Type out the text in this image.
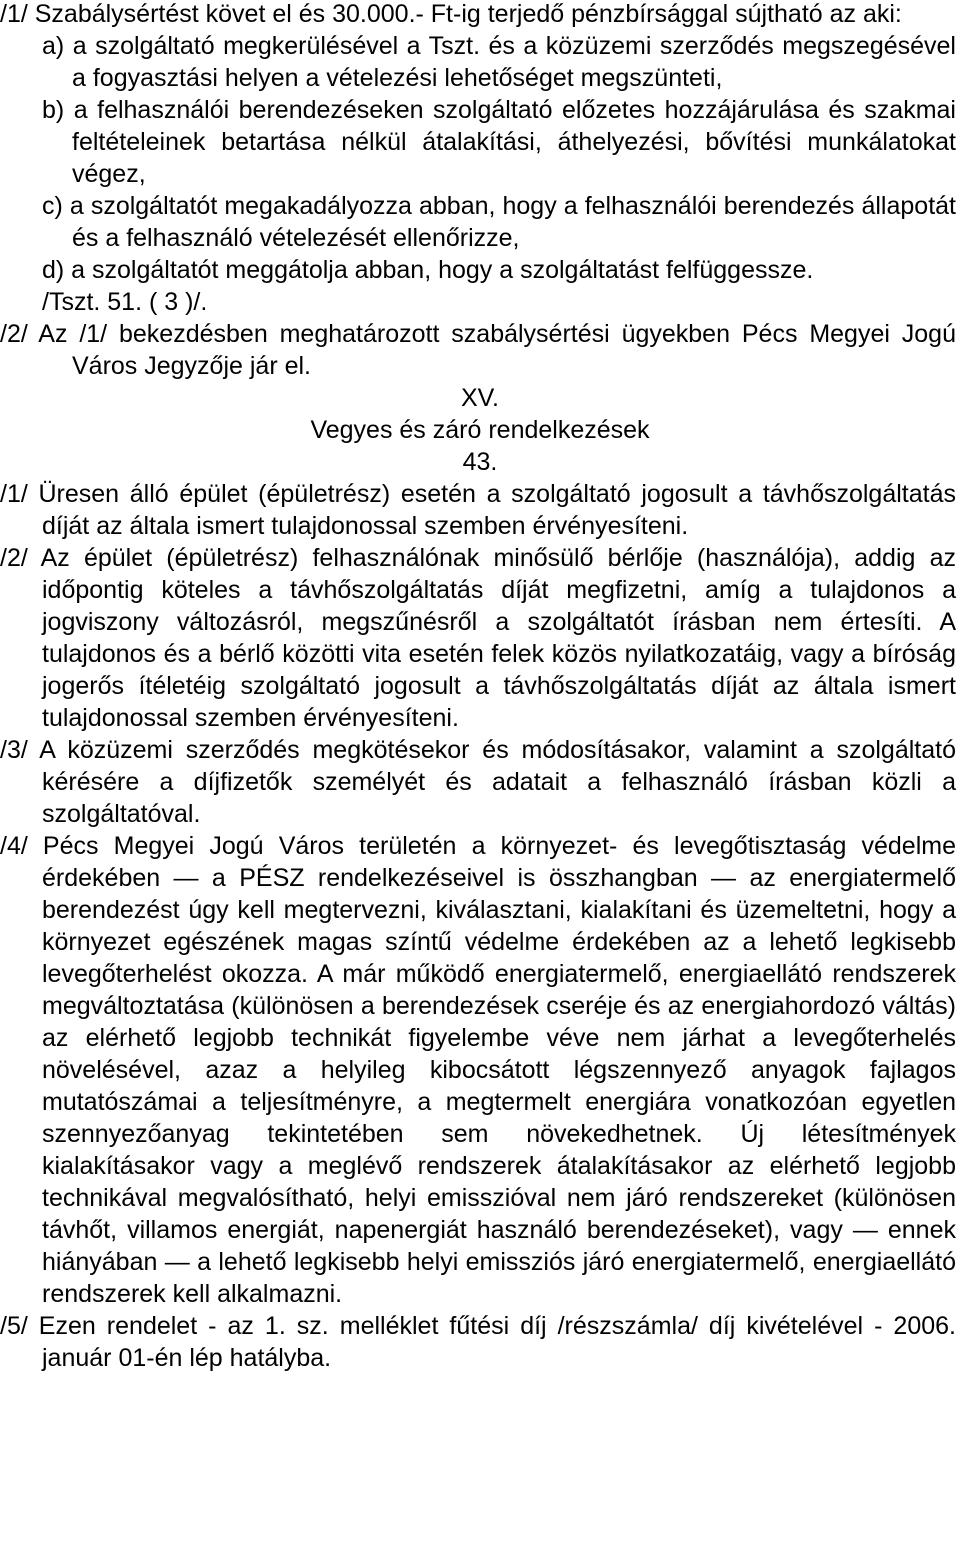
/1/ Szabálysértést követ el és 30.000.- Ft-ig terjedő pénzbírsággal sújtható az aki:

a) a szolgáltató megkerülésével a Tszt. és a közüzemi szerződés megszegésével a fogyasztási helyen a vételezési lehetőséget megszünteti,

b) a felhasználói berendezéseken szolgáltató előzetes hozzájárulása és szakmai feltételeinek betartása nélkül átalakítási, áthelyezési, bővítési munkálatokat végez,

c) a szolgáltatót megakadályozza abban, hogy a felhasználói berendezés állapotát és a felhasználó vételezését ellenőrizze,

d) a szolgáltatót meggátolja abban, hogy a szolgáltatást felfüggessze.

/Tszt. 51. ( 3 )/.

/2/ Az /1/ bekezdésben meghatározott szabálysértési ügyekben Pécs Megyei Jogú Város Jegyzője jár el.

XV.

Vegyes és záró rendelkezések

43.

/1/ Üresen álló épület (épületrész) esetén a szolgáltató jogosult a távhőszolgáltatás díját az általa ismert tulajdonossal szemben érvényesíteni.

/2/ Az épület (épületrész) felhasználónak minősülő bérlője (használója), addig az időpontig köteles a távhőszolgáltatás díját megfizetni, amíg a tulajdonos a jogviszony változásról, megszűnésről a szolgáltatót írásban nem értesíti. A tulajdonos és a bérlő közötti vita esetén felek közös nyilatkozatáig, vagy a bíróság jogerős ítéletéig szolgáltató jogosult a távhőszolgáltatás díját az általa ismert tulajdonossal szemben érvényesíteni.

/3/ A közüzemi szerződés megkötésekor és módosításakor, valamint a szolgáltató kérésére a díjfizetők személyét és adatait a felhasználó írásban közli a szolgáltatóval.

/4/ Pécs Megyei Jogú Város területén a környezet- és levegőtisztaság védelme érdekében — a PÉSZ rendelkezéseivel is összhangban — az energiatermelő berendezést úgy kell megtervezni, kiválasztani, kialakítani és üzemeltetni, hogy a környezet egészének magas színtű védelme érdekében az a lehető legkisebb levegőterhelést okozza. A már működő energiatermelő, energiaellátó rendszerek megváltoztatása (különösen a berendezések cseréje és az energiahordozó váltás) az elérhető legjobb technikát figyelembe véve nem járhat a levegőterhelés növelésével, azaz a helyileg kibocsátott légszennyező anyagok fajlagos mutatószámai a teljesítményre, a megtermelt energiára vonatkozóan egyetlen szennyezőanyag tekintetében sem növekedhetnek. Új létesítmények kialakításakor vagy a meglévő rendszerek átalakításakor az elérhető legjobb technikával megvalósítható, helyi emisszióval nem járó rendszereket (különösen távhőt, villamos energiát, napenergiát használó berendezéseket), vagy — ennek hiányában — a lehető legkisebb helyi emissziós járó energiatermelő, energiaellátó rendszerek kell alkalmazni.

/5/ Ezen rendelet - az 1. sz. melléklet fűtési díj /részszámla/ díj kivételével - 2006. január 01-én lép hatályba.
